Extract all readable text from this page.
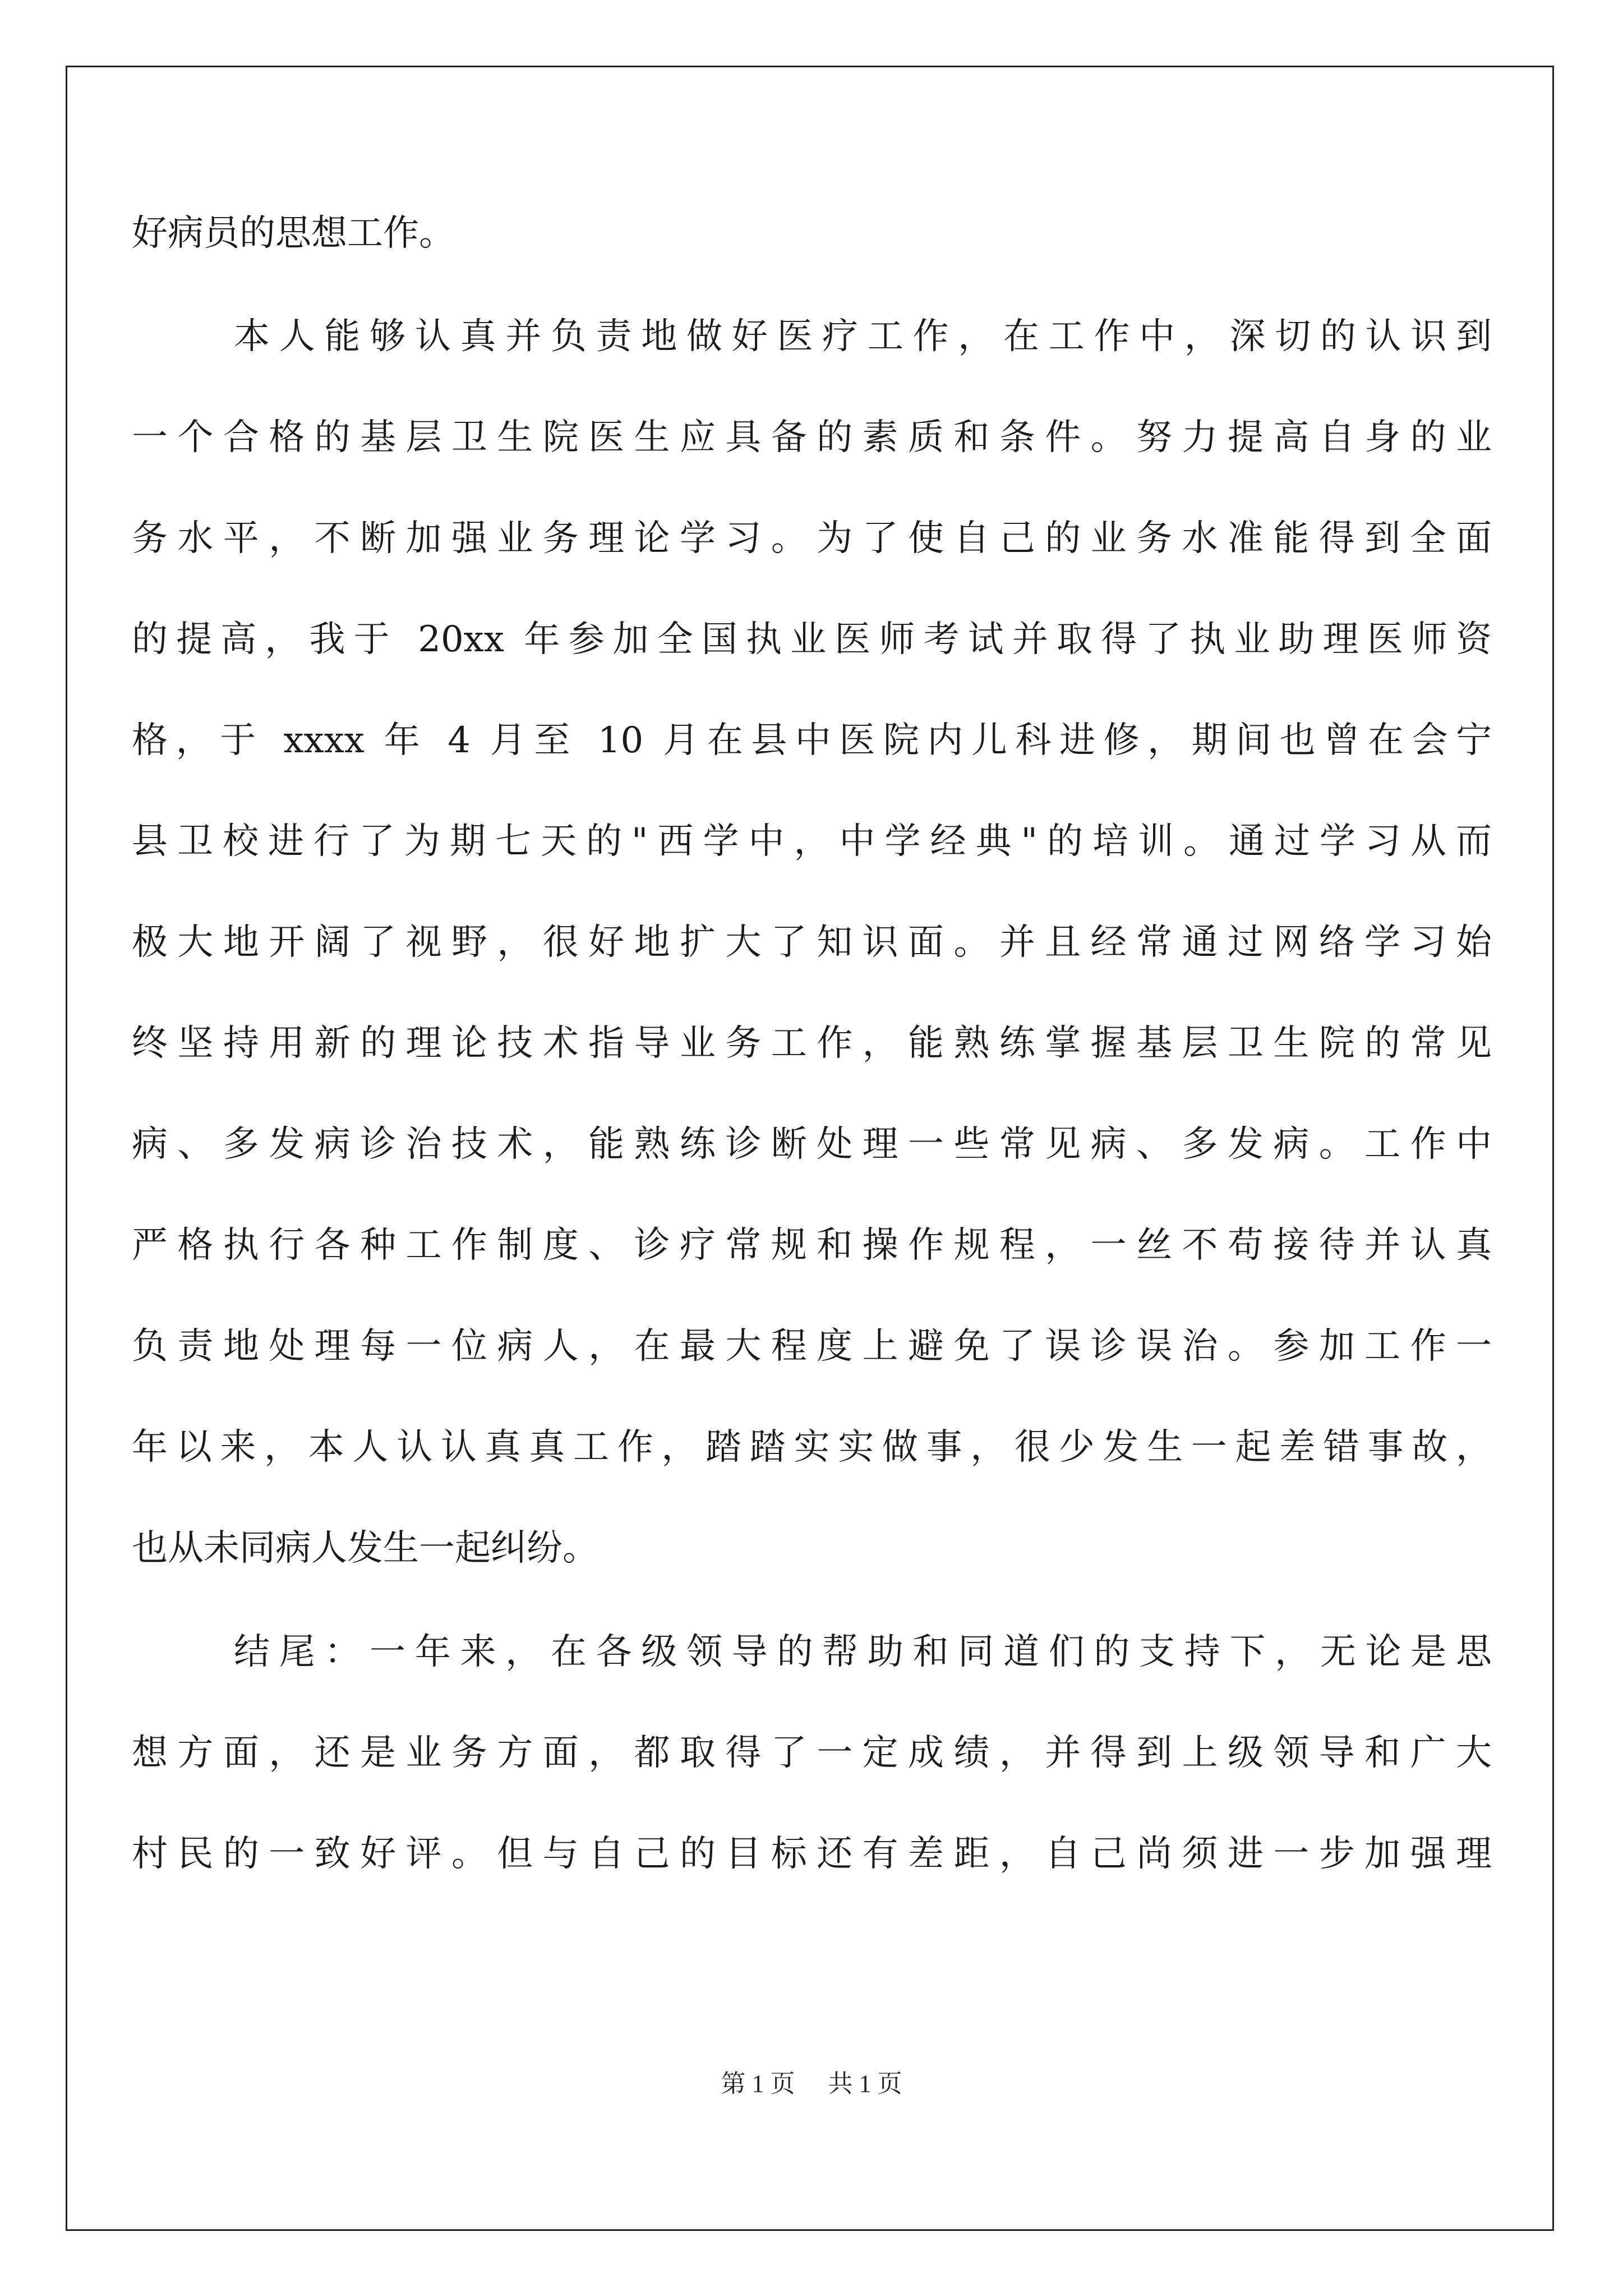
好病员的思想工作。
本人能够认真并负责地做好医疗工作，在工作中，深切的认识到
一个合格的基层卫生院医生应具备的素质和条件。努力提高自身的业
务水平，不断加强业务理论学习。为了使自己的业务水准能得到全面
的提高，我于 20xx 年参加全国执业医师考试并取得了执业助理医师资
格，于 xxxx 年 4 月至 10 月在县中医院内儿科进修，期间也曾在会宁
县卫校进行了为期七天的"西学中，中学经典"的培训。通过学习从而
极大地开阔了视野，很好地扩大了知识面。并且经常通过网络学习始
终坚持用新的理论技术指导业务工作，能熟练掌握基层卫生院的常见
病、多发病诊治技术，能熟练诊断处理一些常见病、多发病。工作中
严格执行各种工作制度、诊疗常规和操作规程，一丝不苟接待并认真
负责地处理每一位病人，在最大程度上避免了误诊误治。参加工作一
年以来，本人认认真真工作，踏踏实实做事，很少发生一起差错事故，
也从未同病人发生一起纠纷。
结尾：一年来，在各级领导的帮助和同道们的支持下，无论是思
想方面，还是业务方面，都取得了一定成绩，并得到上级领导和广大
村民的一致好评。但与自己的目标还有差距，自己尚须进一步加强理
第 1 页 共 1 页
